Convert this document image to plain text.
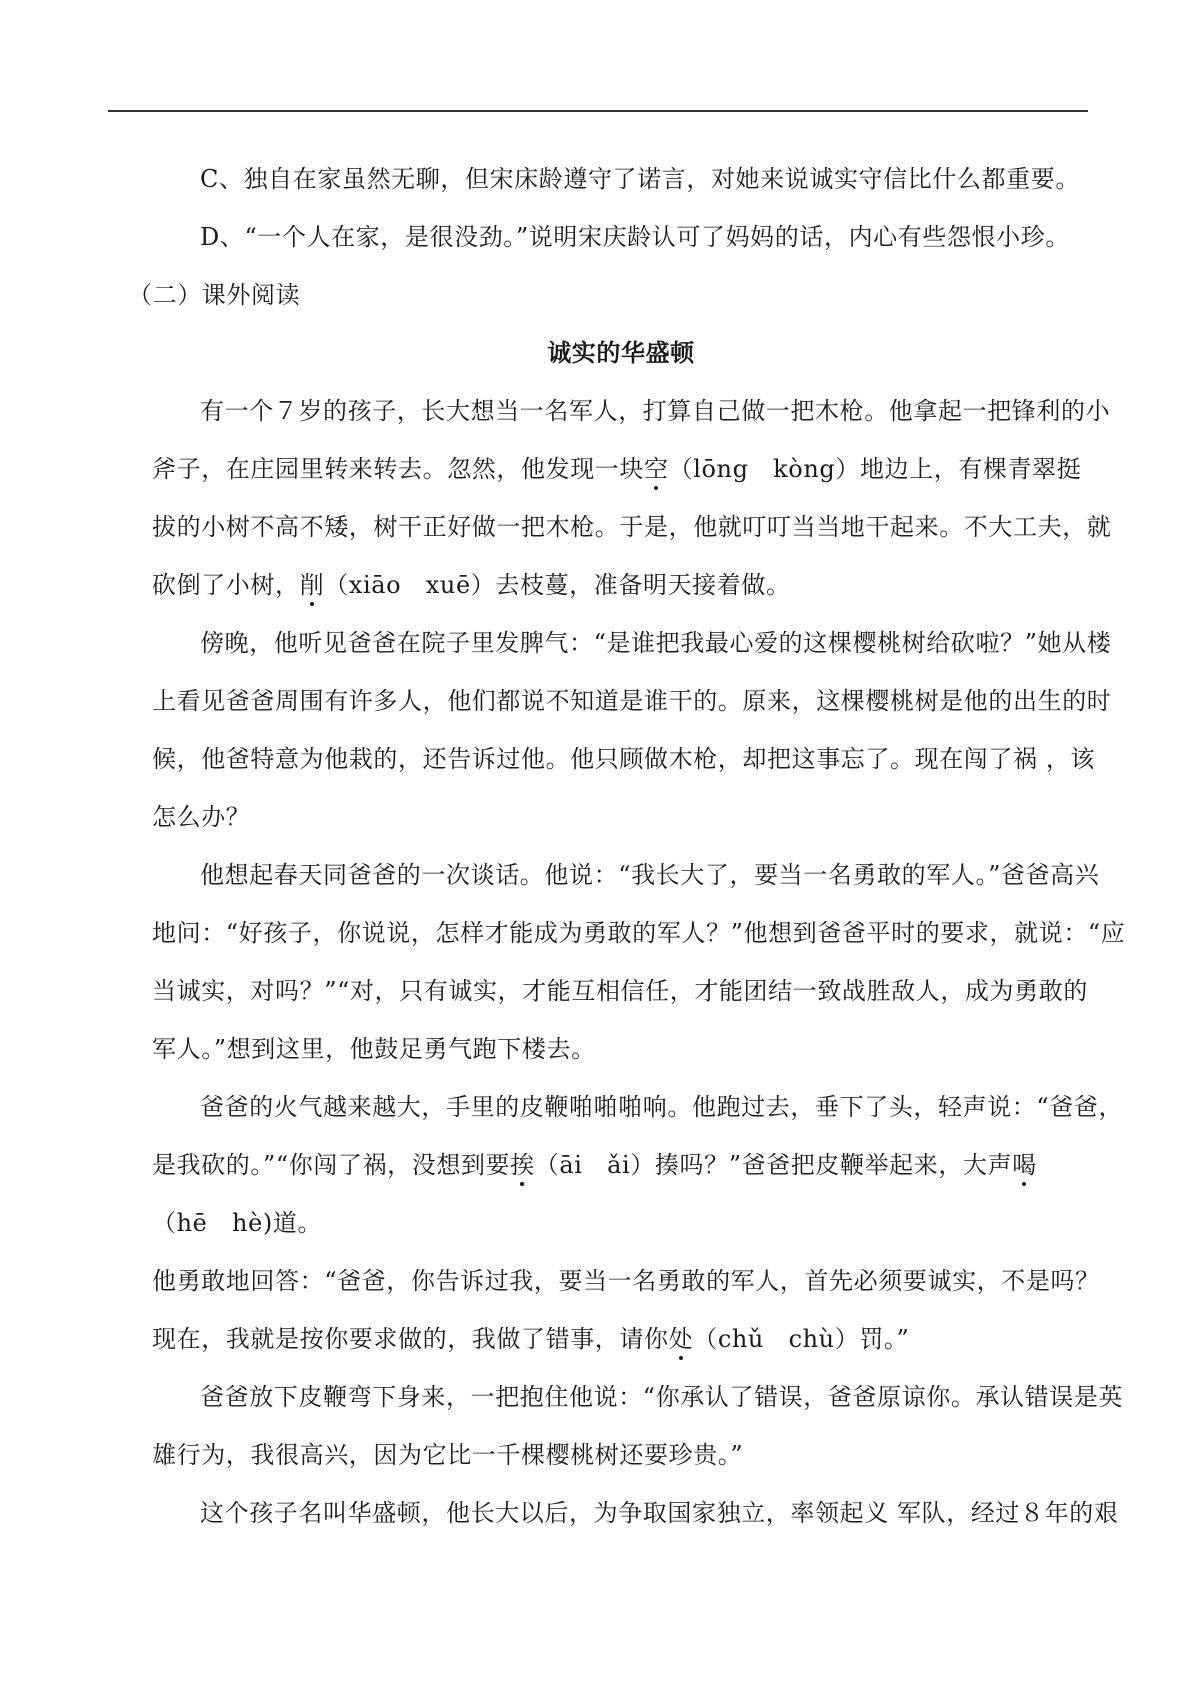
C、独自在家虽然无聊，但宋床龄遵守了诺言，对她来说诚实守信比什么都重要。
D、“一个人在家，是很没劲。”说明宋庆龄认可了妈妈的话，内心有些怨恨小珍。
（二）课外阅读
诚实的华盛顿
有一个７岁的孩子，长大想当一名军人，打算自己做一把木枪。他拿起一把锋利的小
斧子，在庄园里转来转去。忽然，他发现一块空（lōng　kòng）地边上，有棵青翠挺
拔的小树不高不矮，树干正好做一把木枪。于是，他就叮叮当当地干起来。不大工夫，就
砍倒了小树，削（xiāo　xuē）去枝蔓，准备明天接着做。
傍晚，他听见爸爸在院子里发脾气：“是谁把我最心爱的这棵樱桃树给砍啦？”她从楼
上看见爸爸周围有许多人，他们都说不知道是谁干的。原来，这棵樱桃树是他的出生的时
候，他爸特意为他栽的，还告诉过他。他只顾做木枪，却把这事忘了。现在闯了祸 ，该
怎么办？
他想起春天同爸爸的一次谈话。他说：“我长大了，要当一名勇敢的军人。”爸爸高兴
地问：“好孩子，你说说，怎样才能成为勇敢的军人？”他想到爸爸平时的要求，就说：“应
当诚实，对吗？”“对，只有诚实，才能互相信任，才能团结一致战胜敌人，成为勇敢的
军人。”想到这里，他鼓足勇气跑下楼去。
爸爸的火气越来越大，手里的皮鞭啪啪啪响。他跑过去，垂下了头，轻声说：“爸爸，
是我砍的。”“你闯了祸，没想到要挨（āi　ǎi）揍吗？”爸爸把皮鞭举起来，大声喝
（hē　hè)道。
他勇敢地回答：“爸爸，你告诉过我，要当一名勇敢的军人，首先必须要诚实，不是吗？
现在，我就是按你要求做的，我做了错事，请你处（chǔ　chù）罚。”
爸爸放下皮鞭弯下身来，一把抱住他说：“你承认了错误，爸爸原谅你。承认错误是英
雄行为，我很高兴，因为它比一千棵樱桃树还要珍贵。”
这个孩子名叫华盛顿，他长大以后，为争取国家独立，率领起义 军队，经过８年的艰
